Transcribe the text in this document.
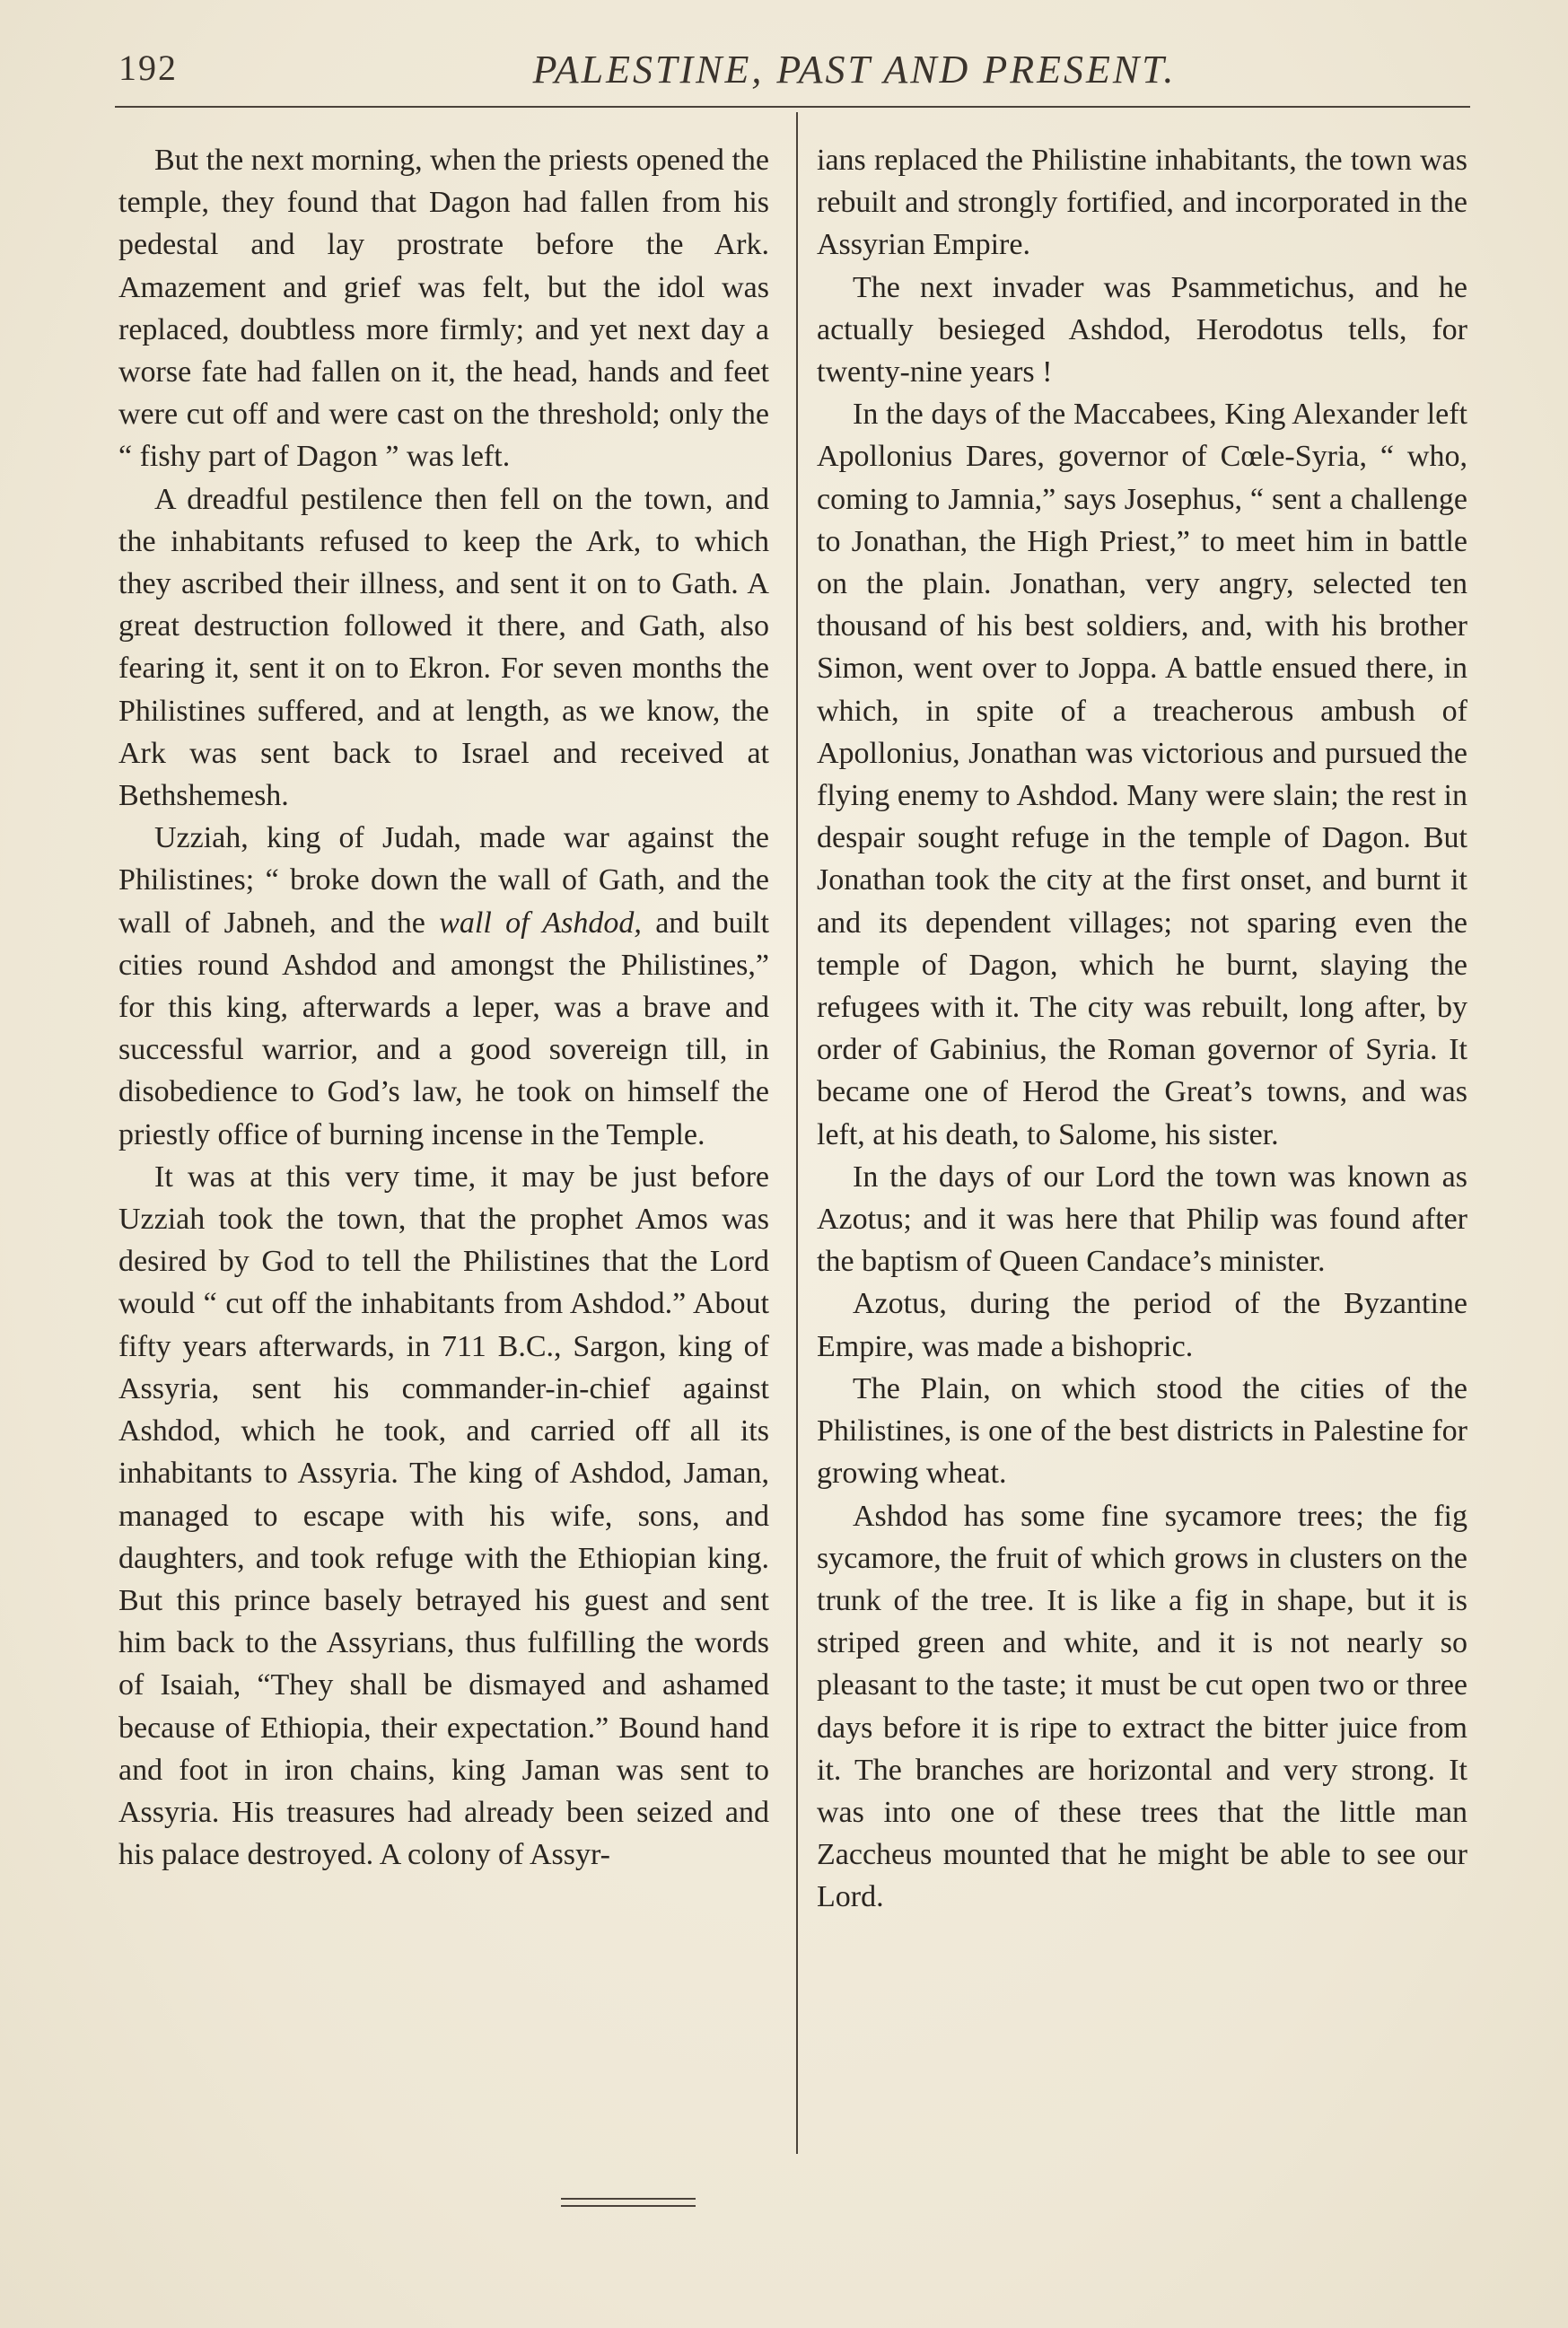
192	PALESTINE, PAST AND PRESENT.

But the next morning, when the priests opened the temple, they found that Dagon had fallen from his pedestal and lay prostrate before the Ark. Amazement and grief was felt, but the idol was replaced, doubtless more firmly; and yet next day a worse fate had fallen on it, the head, hands and feet were cut off and were cast on the threshold; only the “ fishy part of Dagon ” was left.

A dreadful pestilence then fell on the town, and the inhabitants refused to keep the Ark, to which they ascribed their illness, and sent it on to Gath. A great destruction followed it there, and Gath, also fearing it, sent it on to Ekron. For seven months the Philistines suffered, and at length, as we know, the Ark was sent back to Israel and received at Bethshemesh.

Uzziah, king of Judah, made war against the Philistines; “ broke down the wall of Gath, and the wall of Jabneh, and the wall of Ashdod, and built cities round Ashdod and amongst the Philistines,” for this king, afterwards a leper, was a brave and successful warrior, and a good sovereign till, in disobedience to God’s law, he took on himself the priestly office of burning incense in the Temple.

It was at this very time, it may be just before Uzziah took the town, that the prophet Amos was desired by God to tell the Philistines that the Lord would “ cut off the inhabitants from Ashdod.” About fifty years afterwards, in 711 B.C., Sargon, king of Assyria, sent his commander-in-chief against Ashdod, which he took, and carried off all its inhabitants to Assyria. The king of Ashdod, Jaman, managed to escape with his wife, sons, and daughters, and took refuge with the Ethiopian king. But this prince basely betrayed his guest and sent him back to the Assyrians, thus fulfilling the words of Isaiah, “They shall be dismayed and ashamed because of Ethiopia, their expectation.” Bound hand and foot in iron chains, king Jaman was sent to Assyria. His treasures had already been seized and his palace destroyed. A colony of Assyr-

ians replaced the Philistine inhabitants, the town was rebuilt and strongly fortified, and incorporated in the Assyrian Empire.

The next invader was Psammetichus, and he actually besieged Ashdod, Herodotus tells, for twenty-nine years !

In the days of the Maccabees, King Alexander left Apollonius Dares, governor of Cœle-Syria, “ who, coming to Jamnia,” says Josephus, “ sent a challenge to Jonathan, the High Priest,” to meet him in battle on the plain. Jonathan, very angry, selected ten thousand of his best soldiers, and, with his brother Simon, went over to Joppa. A battle ensued there, in which, in spite of a treacherous ambush of Apollonius, Jonathan was victorious and pursued the flying enemy to Ashdod. Many were slain; the rest in despair sought refuge in the temple of Dagon. But Jonathan took the city at the first onset, and burnt it and its dependent villages; not sparing even the temple of Dagon, which he burnt, slaying the refugees with it. The city was rebuilt, long after, by order of Gabinius, the Roman governor of Syria. It became one of Herod the Great’s towns, and was left, at his death, to Salome, his sister.

In the days of our Lord the town was known as Azotus; and it was here that Philip was found after the baptism of Queen Candace’s minister.

Azotus, during the period of the Byzantine Empire, was made a bishopric.

The Plain, on which stood the cities of the Philistines, is one of the best districts in Palestine for growing wheat.

Ashdod has some fine sycamore trees; the fig sycamore, the fruit of which grows in clusters on the trunk of the tree. It is like a fig in shape, but it is striped green and white, and it is not nearly so pleasant to the taste; it must be cut open two or three days before it is ripe to extract the bitter juice from it. The branches are horizontal and very strong. It was into one of these trees that the little man Zaccheus mounted that he might be able to see our Lord.
